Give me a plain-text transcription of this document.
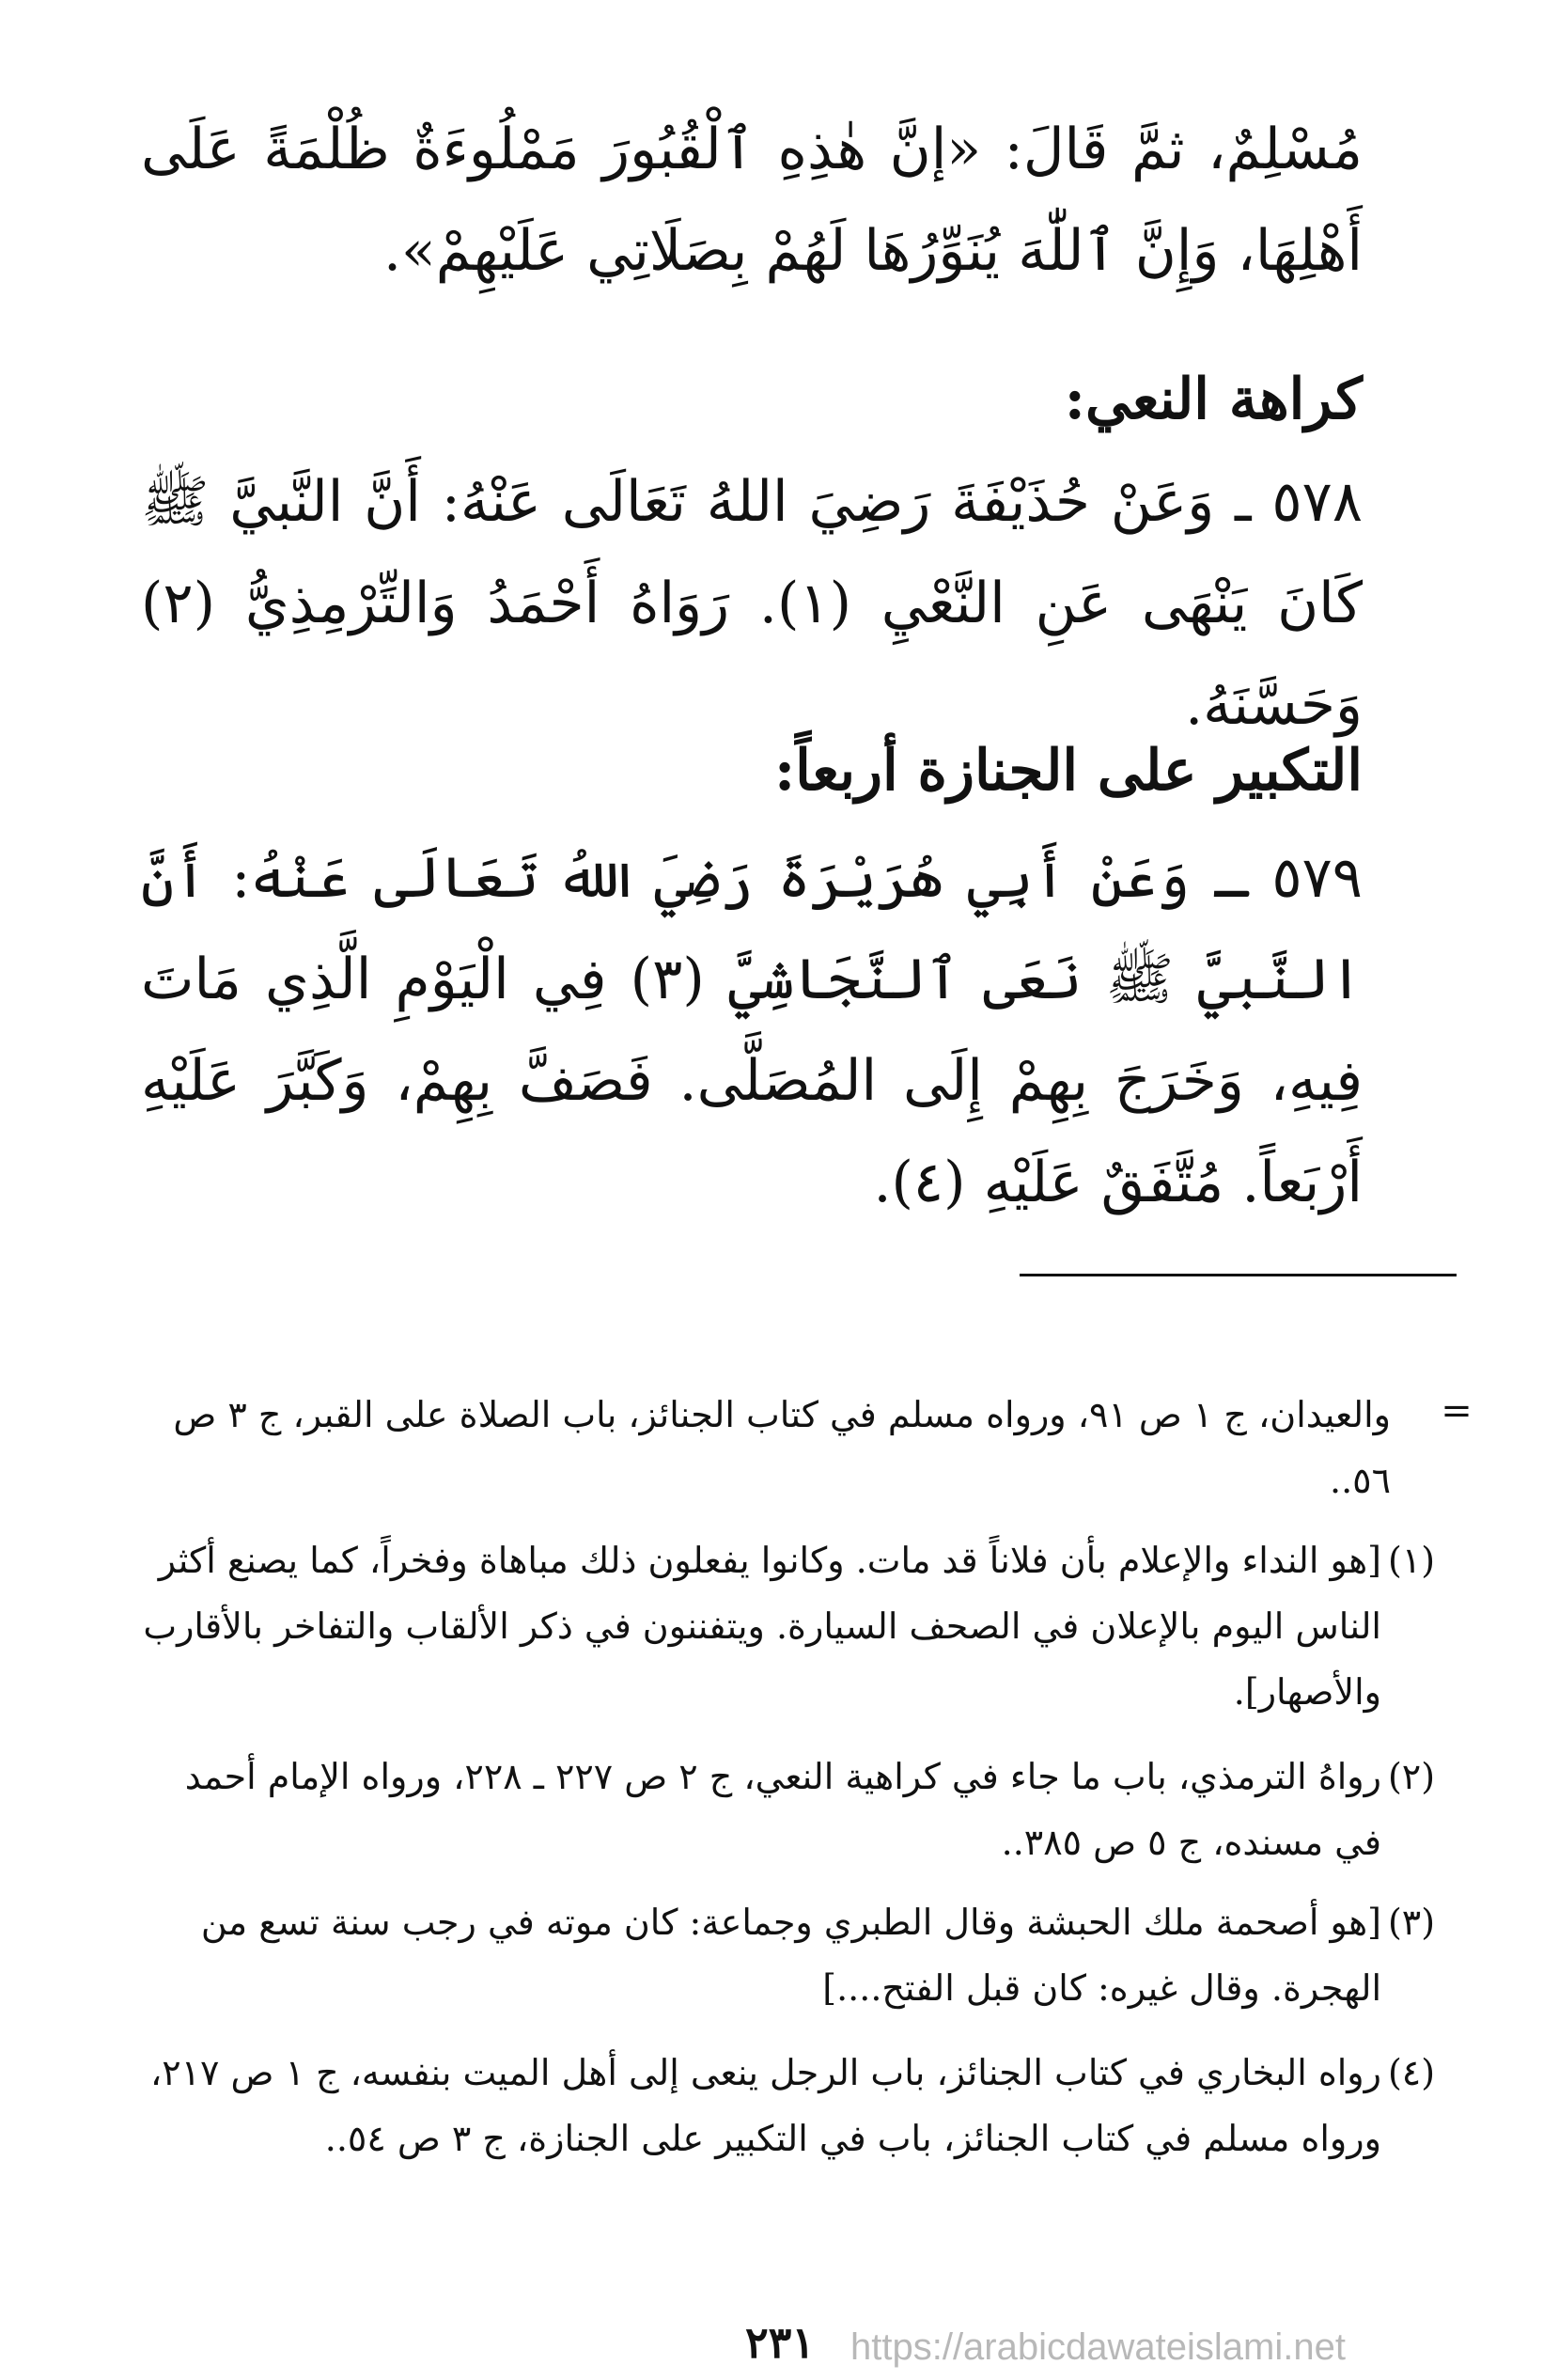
مُسْلِمٌ، ثمَّ قَالَ: «إنَّ هٰذِهِ ٱلْقُبُورَ مَمْلُوءَةٌ ظُلْمَةً عَلَى أَهْلِهَا، وَإِنَّ ٱللّٰهَ يُنَوِّرُهَا لَهُمْ بِصَلَاتِي عَلَيْهِمْ».
كراهة النعي:
٥٧٨ ـ وَعَنْ حُذَيْفَةَ رَضِيَ اللهُ تَعَالَى عَنْهُ: أَنَّ النَّبيَّ ﷺ كَانَ يَنْهَى عَنِ النَّعْيِ (١). رَوَاهُ أَحْمَدُ وَالتِّرْمِذِيُّ (٢) وَحَسَّنَهُ.
التكبير على الجنازة أربعاً:
٥٧٩ ـ وَعَنْ أَبِي هُرَيْرَةَ رَضِيَ اللهُ تَعَالَى عَنْهُ: أَنَّ النَّبيَّ ﷺ نَعَى ٱلنَّجَاشِيَّ (٣) فِي الْيَوْمِ الَّذِي مَاتَ فِيهِ، وَخَرَجَ بِهِمْ إِلَى المُصَلَّى. فَصَفَّ بِهِمْ، وَكَبَّرَ عَلَيْهِ أَرْبَعاً. مُتَّفَقٌ عَلَيْهِ (٤).
=
والعيدان، ج ١ ص ٩١، ورواه مسلم في كتاب الجنائز، باب الصلاة على القبر، ج ٣ ص ٥٦..
(١)
[هو النداء والإعلام بأن فلاناً قد مات. وكانوا يفعلون ذلك مباهاة وفخراً، كما يصنع أكثر الناس اليوم بالإعلان في الصحف السيارة. ويتفننون في ذكر الألقاب والتفاخر بالأقارب والأصهار].
(٢)
رواهُ الترمذي، باب ما جاء في كراهية النعي، ج ٢ ص ٢٢٧ ـ ٢٢٨، ورواه الإمام أحمد في مسنده، ج ٥ ص ٣٨٥..
(٣)
[هو أصحمة ملك الحبشة وقال الطبري وجماعة: كان موته في رجب سنة تسع من الهجرة. وقال غيره: كان قبل الفتح....]
(٤)
رواه البخاري في كتاب الجنائز، باب الرجل ينعى إلى أهل الميت بنفسه، ج ١ ص ٢١٧، ورواه مسلم في كتاب الجنائز، باب في التكبير على الجنازة، ج ٣ ص ٥٤..
٢٣١ https://arabicdawateislami.net
